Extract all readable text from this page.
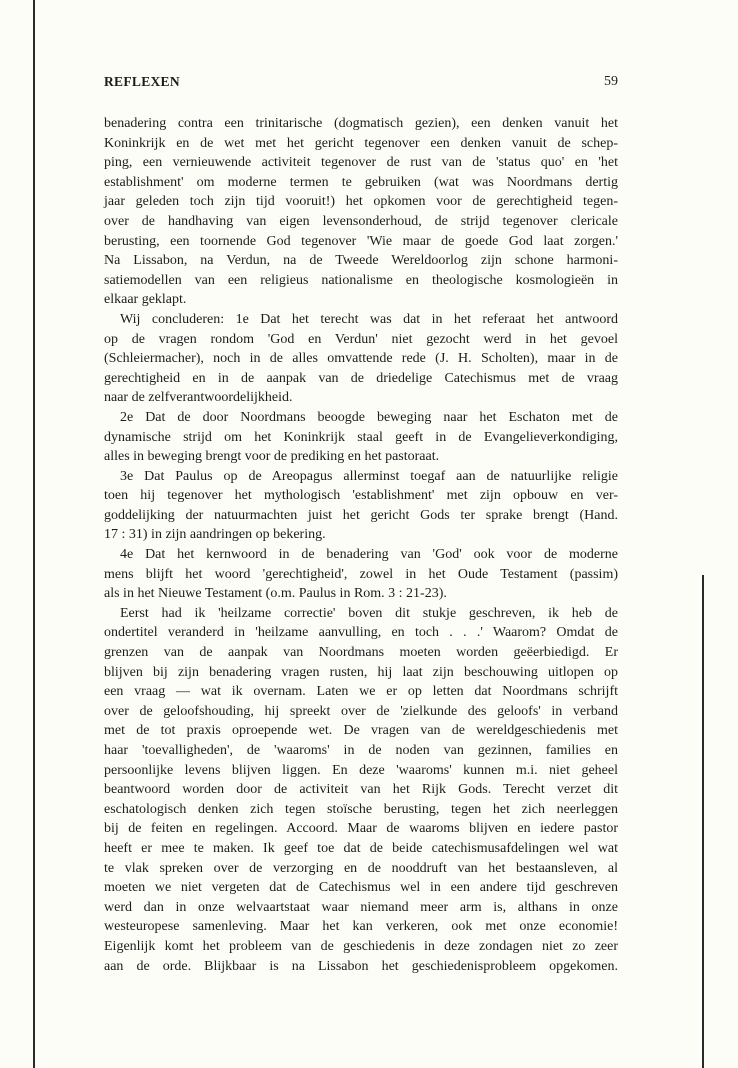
REFLEXEN	59
benadering contra een trinitarische (dogmatisch gezien), een denken vanuit het
Koninkrijk en de wet met het gericht tegenover een denken vanuit de schep-
ping, een vernieuwende activiteit tegenover de rust van de 'status quo' en 'het
establishment' om moderne termen te gebruiken (wat was Noordmans dertig
jaar geleden toch zijn tijd vooruit!) het opkomen voor de gerechtigheid tegen-
over de handhaving van eigen levensonderhoud, de strijd tegenover clericale
berusting, een toornende God tegenover 'Wie maar de goede God laat zorgen.'
Na Lissabon, na Verdun, na de Tweede Wereldoorlog zijn schone harmoni-
satiemodellen van een religieus nationalisme en theologische kosmologieën in
elkaar geklapt.
Wij concluderen: 1e Dat het terecht was dat in het referaat het antwoord
op de vragen rondom 'God en Verdun' niet gezocht werd in het gevoel
(Schleiermacher), noch in de alles omvattende rede (J. H. Scholten), maar in de
gerechtigheid en in de aanpak van de driedelige Catechismus met de vraag
naar de zelfverantwoordelijkheid.
2e Dat de door Noordmans beoogde beweging naar het Eschaton met de
dynamische strijd om het Koninkrijk staal geeft in de Evangelieverkondiging,
alles in beweging brengt voor de prediking en het pastoraat.
3e Dat Paulus op de Areopagus allerminst toegaf aan de natuurlijke religie
toen hij tegenover het mythologisch 'establishment' met zijn opbouw en ver-
goddelijking der natuurmachten juist het gericht Gods ter sprake brengt (Hand.
17 : 31) in zijn aandringen op bekering.
4e Dat het kernwoord in de benadering van 'God' ook voor de moderne
mens blijft het woord 'gerechtigheid', zowel in het Oude Testament (passim)
als in het Nieuwe Testament (o.m. Paulus in Rom. 3 : 21-23).
Eerst had ik 'heilzame correctie' boven dit stukje geschreven, ik heb de
ondertitel veranderd in 'heilzame aanvulling, en toch . . .' Waarom? Omdat de
grenzen van de aanpak van Noordmans moeten worden geëerbiedigd. Er
blijven bij zijn benadering vragen rusten, hij laat zijn beschouwing uitlopen op
een vraag — wat ik overnam. Laten we er op letten dat Noordmans schrijft
over de geloofshouding, hij spreekt over de 'zielkunde des geloofs' in verband
met de tot praxis oproepende wet. De vragen van de wereldgeschiedenis met
haar 'toevalligheden', de 'waaroms' in de noden van gezinnen, families en
persoonlijke levens blijven liggen. En deze 'waaroms' kunnen m.i. niet geheel
beantwoord worden door de activiteit van het Rijk Gods. Terecht verzet dit
eschatologisch denken zich tegen stoïsche berusting, tegen het zich neerleggen
bij de feiten en regelingen. Accoord. Maar de waaroms blijven en iedere pastor
heeft er mee te maken. Ik geef toe dat de beide catechismusafdelingen wel wat
te vlak spreken over de verzorging en de nooddruft van het bestaansleven, al
moeten we niet vergeten dat de Catechismus wel in een andere tijd geschreven
werd dan in onze welvaartstaat waar niemand meer arm is, althans in onze
westeuropese samenleving. Maar het kan verkeren, ook met onze economie!
Eigenlijk komt het probleem van de geschiedenis in deze zondagen niet zo zeer
aan de orde. Blijkbaar is na Lissabon het geschiedenisprobleem opgekomen.
